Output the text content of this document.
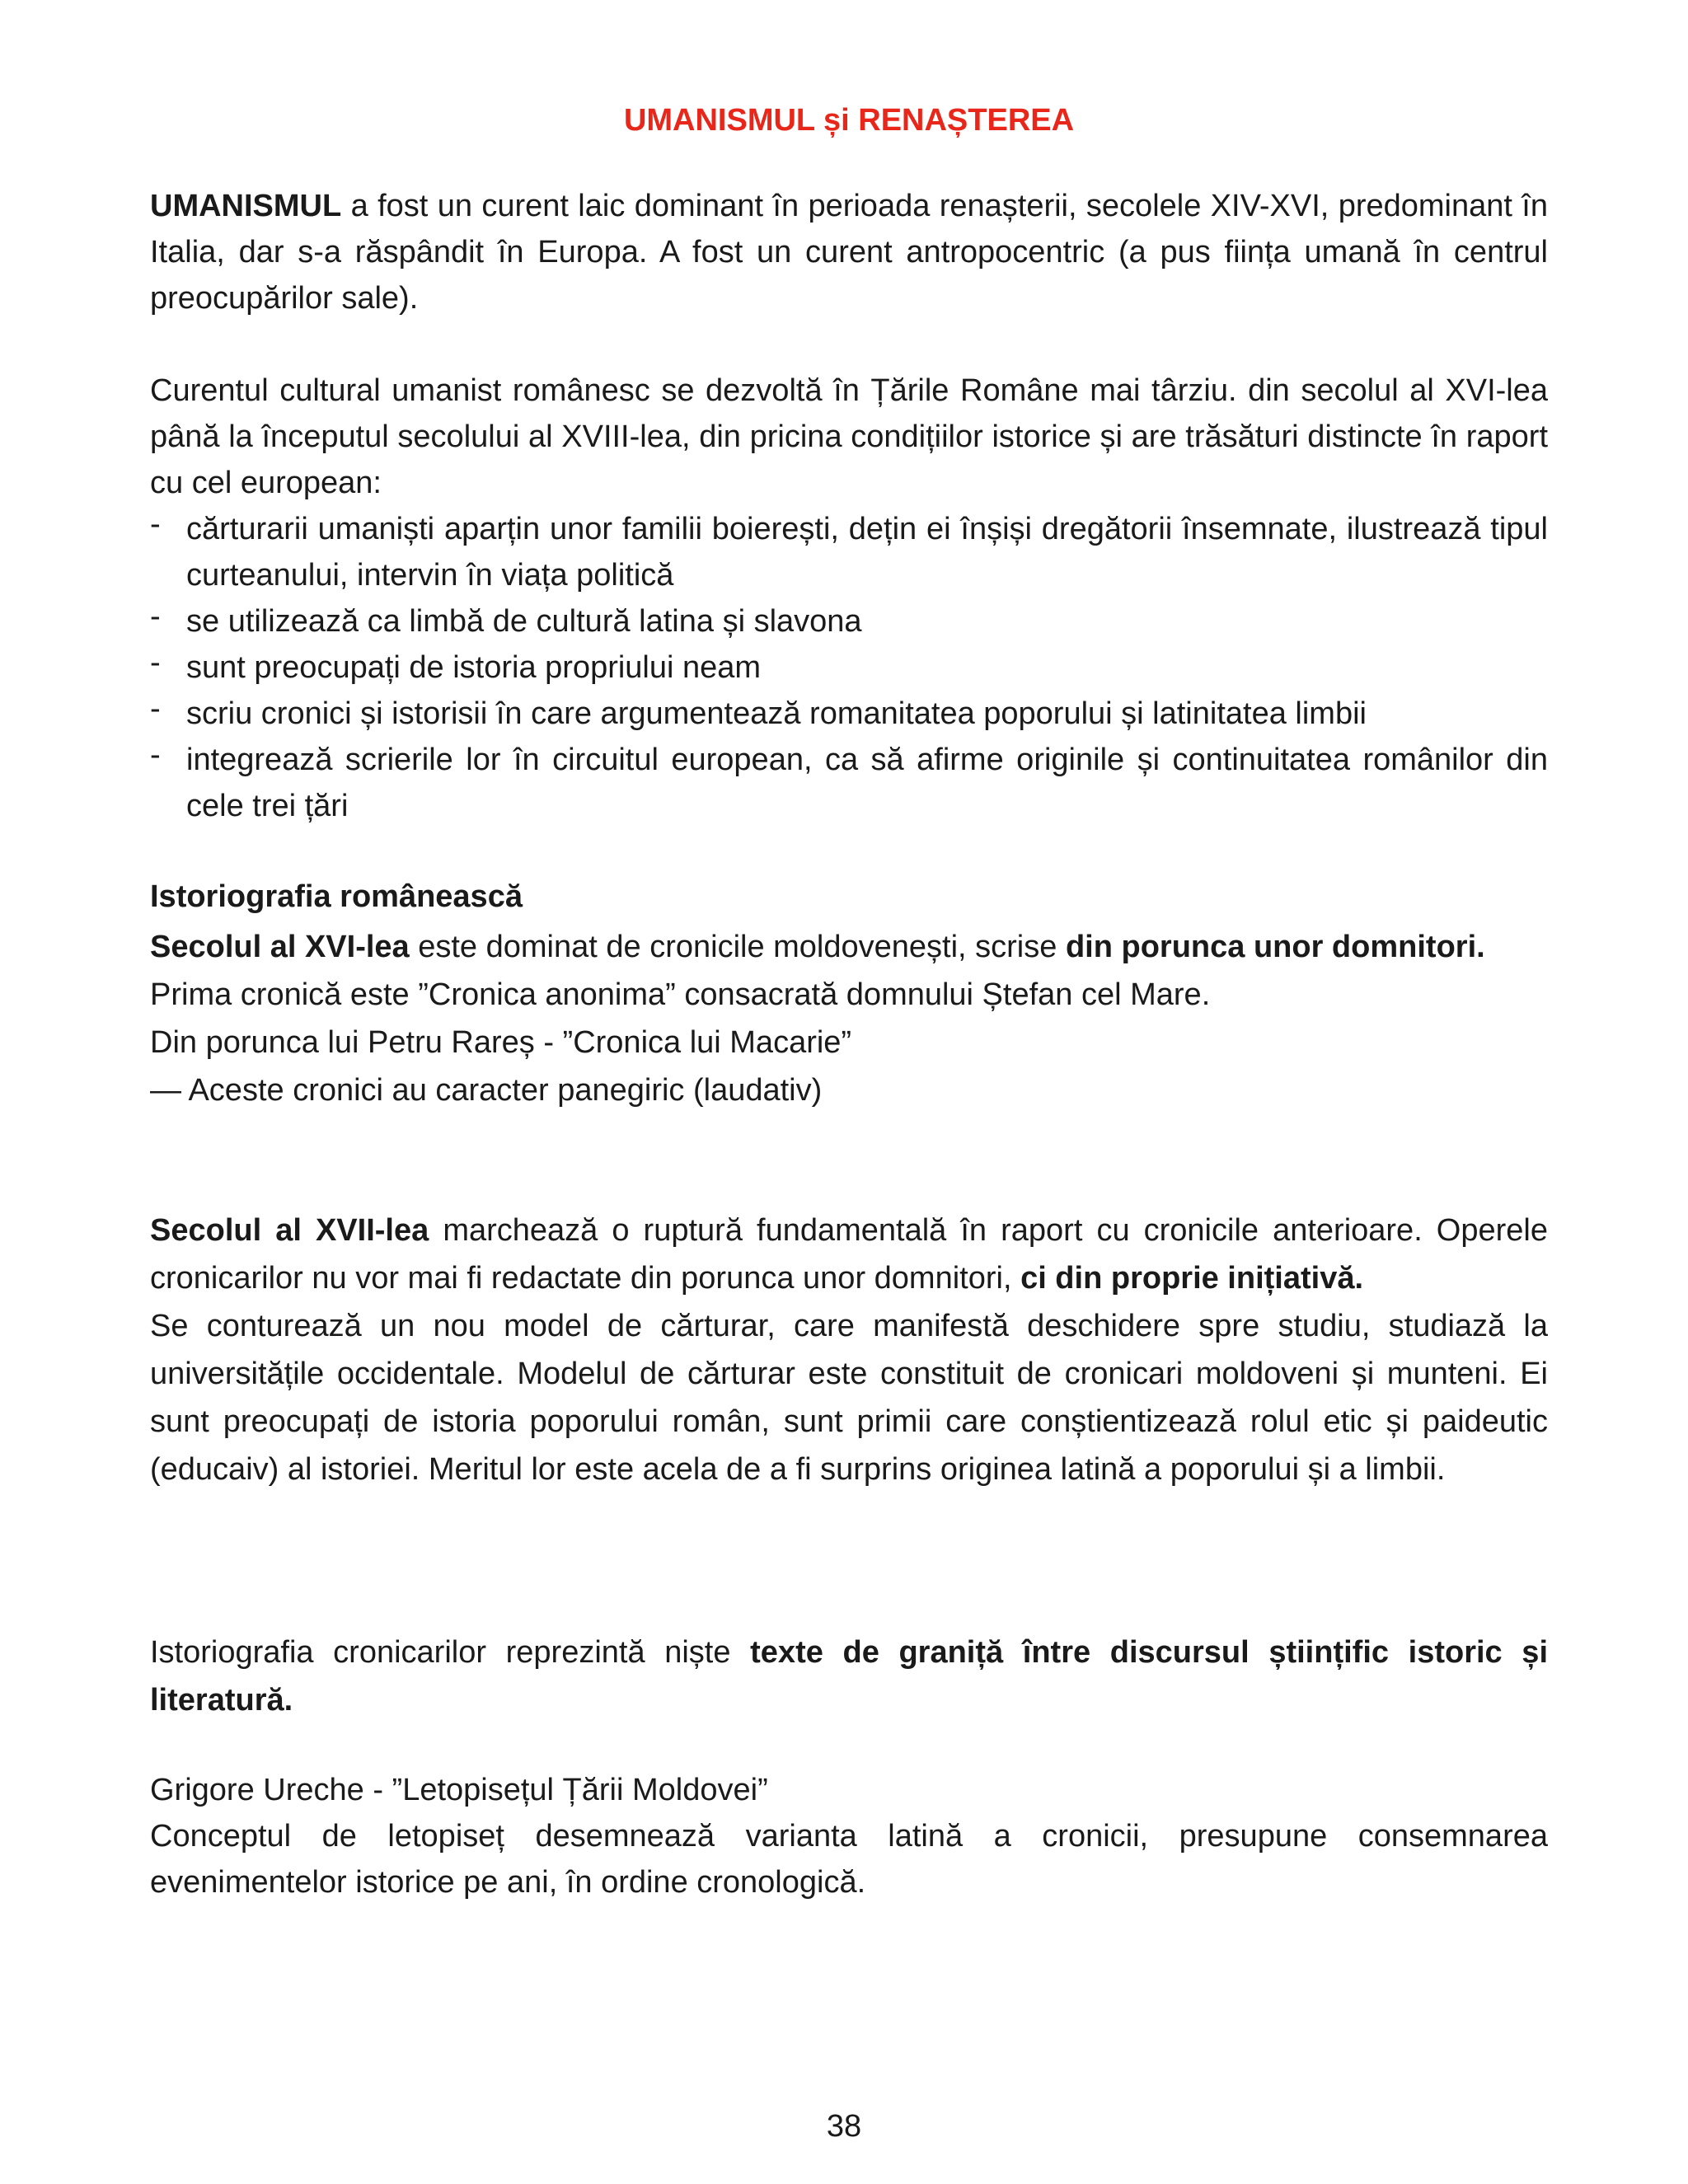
UMANISMUL și RENAȘTEREA
UMANISMUL a fost un curent laic dominant în perioada renașterii, secolele XIV-XVI, predominant în Italia, dar s-a răspândit în Europa. A fost un curent antropocentric (a pus ființa umană în centrul preocupărilor sale).
Curentul cultural umanist românesc se dezvoltă în Țările Române mai târziu. din secolul al XVI-lea până la începutul secolului al XVIII-lea, din pricina condițiilor istorice și are trăsături distincte în raport cu cel european:
- cărturarii umaniști aparțin unor familii boierești, dețin ei înșiși dregătorii însemnate, ilustrează tipul curteanului, intervin în viața politică
- se utilizează ca limbă de cultură latina și slavona
- sunt preocupați de istoria propriului neam
- scriu cronici și istorisii în care argumentează romanitatea poporului și latinitatea limbii
- integrează scrierile lor în circuitul european, ca să afirme originile și continuitatea românilor din cele trei țări
Istoriografia românească
Secolul al XVI-lea este dominat de cronicile moldovenești, scrise din porunca unor domnitori.
Prima cronică este ”Cronica anonima” consacrată domnului Ștefan cel Mare.
Din porunca lui Petru Rareș - ”Cronica lui Macarie”
— Aceste cronici au caracter panegiric (laudativ)
Secolul al XVII-lea marchează o ruptură fundamentală în raport cu cronicile anterioare. Operele cronicarilor nu vor mai fi redactate din porunca unor domnitori, ci din proprie inițiativă.
Se conturează un nou model de cărturar, care manifestă deschidere spre studiu, studiază la universitățile occidentale. Modelul de cărturar este constituit de cronicari moldoveni și munteni. Ei sunt preocupați de istoria poporului român, sunt primii care conștientizează rolul etic și paideutic (educaiv) al istoriei. Meritul lor este acela de a fi surprins originea latină a poporului și a limbii.
Istoriografia cronicarilor reprezintă niște texte de graniță între discursul științific istoric și literatură.
Grigore Ureche - ”Letopisețul Țării Moldovei”
Conceptul de letopiseț desemnează varianta latină a cronicii, presupune consemnarea evenimentelor istorice pe ani, în ordine cronologică.
38
